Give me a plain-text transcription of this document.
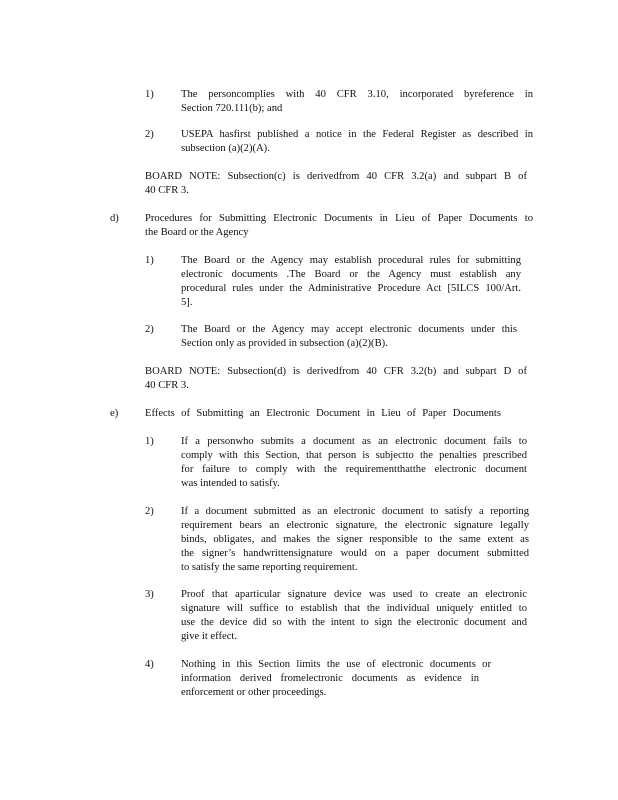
1)	The personcomplies with 40 CFR 3.10, incorporated byreference in

Section 720.111(b); and

2)	USEPA hasfirst published a notice in the Federal Register as described in

subsection (a)(2)(A).

BOARD NOTE: Subsection(c) is derivedfrom 40 CFR 3.2(a) and subpart B of

40 CFR 3.

d) Procedures for Submitting Electronic Documents in Lieu of Paper Documents to

the Board or the Agency

1)	The Board or the Agency may establish procedural rules for submitting

electronic documents .The Board or the Agency must establish any

procedural rules under the Administrative Procedure Act [5ILCS 100/Art.

5].

2)	The Board or the Agency may accept electronic documents under this

Section only as provided in subsection (a)(2)(B).

BOARD NOTE: Subsection(d) is derivedfrom 40 CFR 3.2(b) and subpart D of

40 CFR 3.

e)	Effects of Submitting an Electronic Document in Lieu of Paper Documents

1)	If a personwho submits a document as an electronic document fails to

comply with this Section, that person is subjectto the penalties prescribed

for failure to comply with the requirementthatthe electronic document

was intended to satisfy.

2)	If a document submitted as an electronic document to satisfy a reporting

requirement bears an electronic signature, the electronic signature legally

binds, obligates, and makes the signer responsible to the same extent as

the signer’s handwrittensignature would on a paper document submitted

to satisfy the same reporting requirement.

3)	Proof that aparticular signature device was used to create an electronic

signature will suffice to establish that the individual uniquely entitled to

use the device did so with the intent to sign the electronic document and

give it effect.

4)	Nothing in this Section limits the use of electronic documents or

information derived fromelectronic documents as evidence in

enforcement or other proceedings.
